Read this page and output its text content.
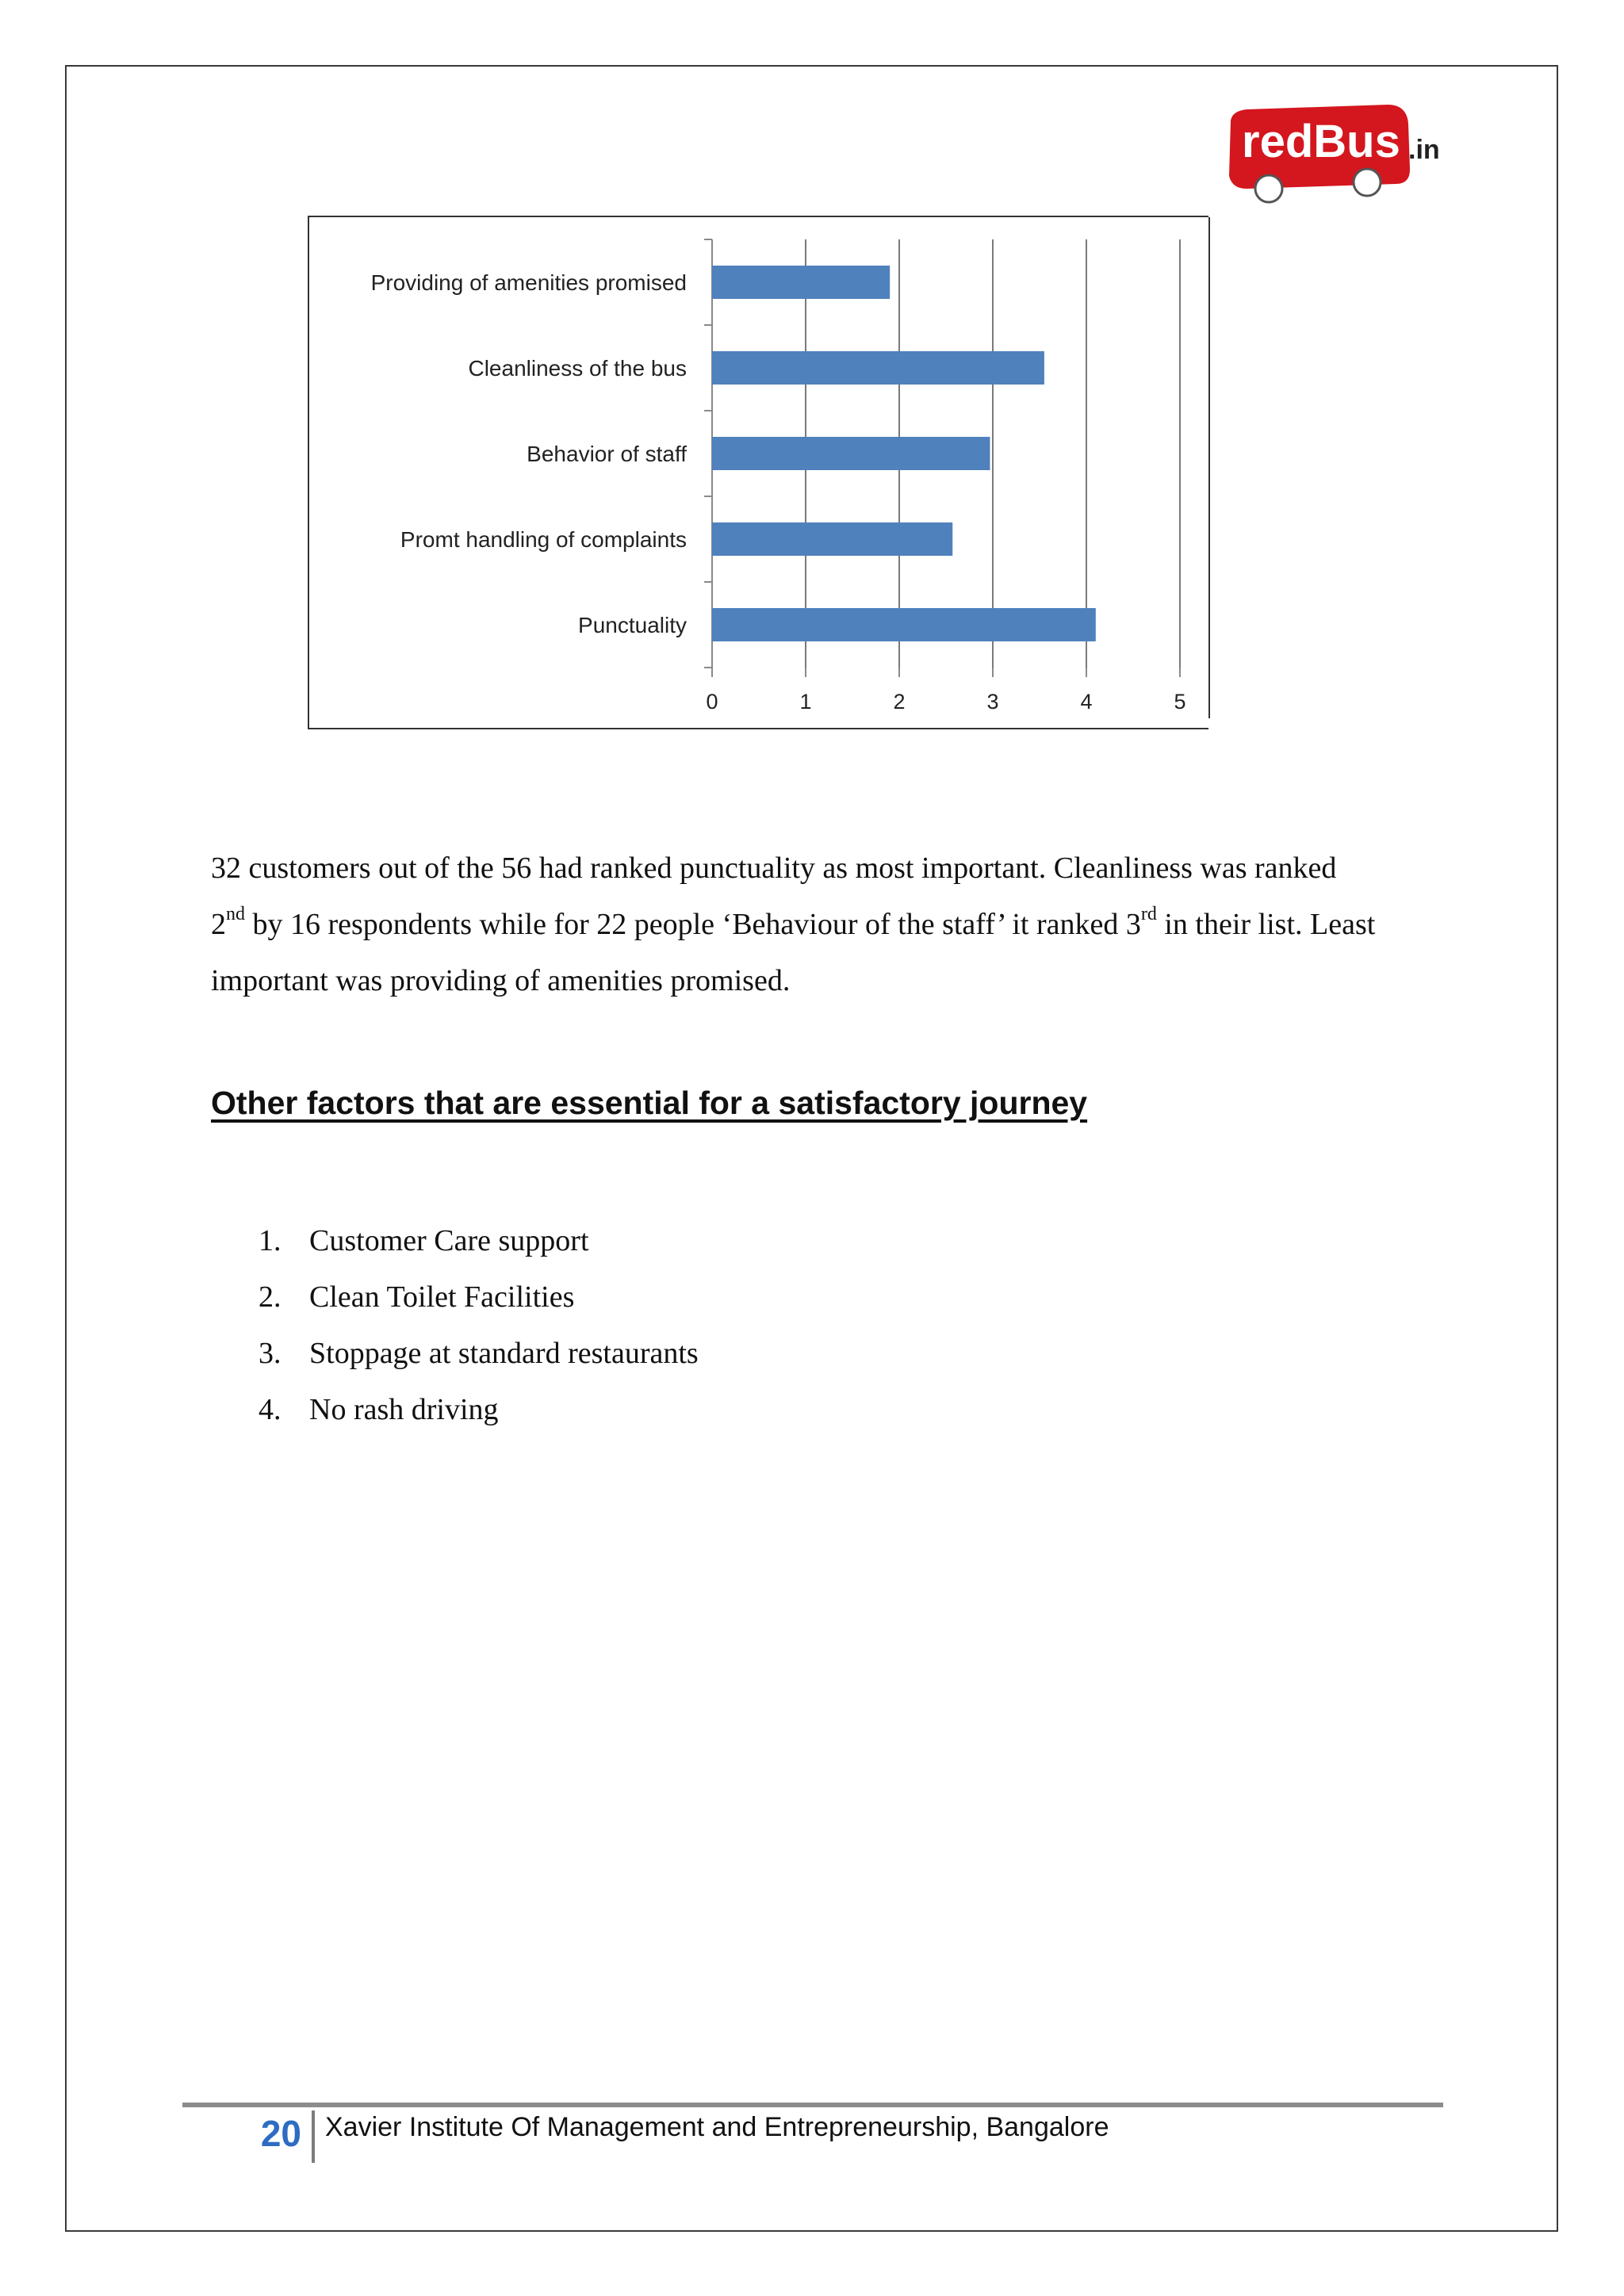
redBus .in
Providing of amenities promised
Cleanliness of the bus
Behavior of staff
Promt handling of complaints
Punctuality
0	1	2	3	4	5

32 customers out of the 56 had ranked punctuality as most important. Cleanliness was ranked 2nd by 16 respondents while for 22 people ‘Behaviour of the staff’ it ranked 3rd in their list. Least important was providing of amenities promised.

Other factors that are essential for a satisfactory journey
1. Customer Care support
2. Clean Toilet Facilities
3. Stoppage at standard restaurants
4. No rash driving
20 Xavier Institute Of Management and Entrepreneurship, Bangalore
